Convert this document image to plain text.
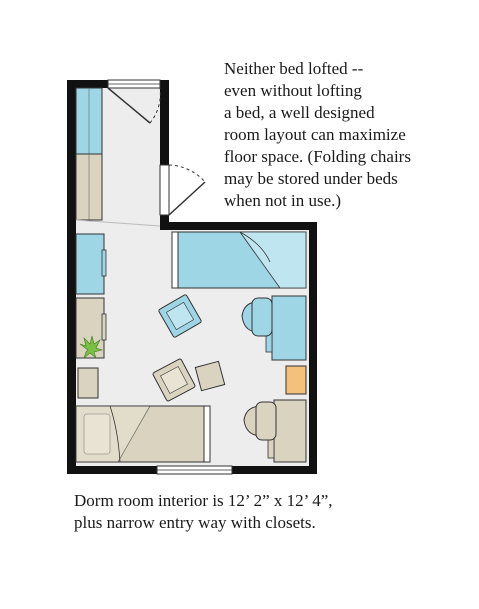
Neither bed lofted --
even without lofting
a bed, a well designed
room layout can maximize
floor space. (Folding chairs
may be stored under beds
when not in use.)
Dorm room interior is 12’ 2” x 12’ 4”,
plus narrow entry way with closets.
